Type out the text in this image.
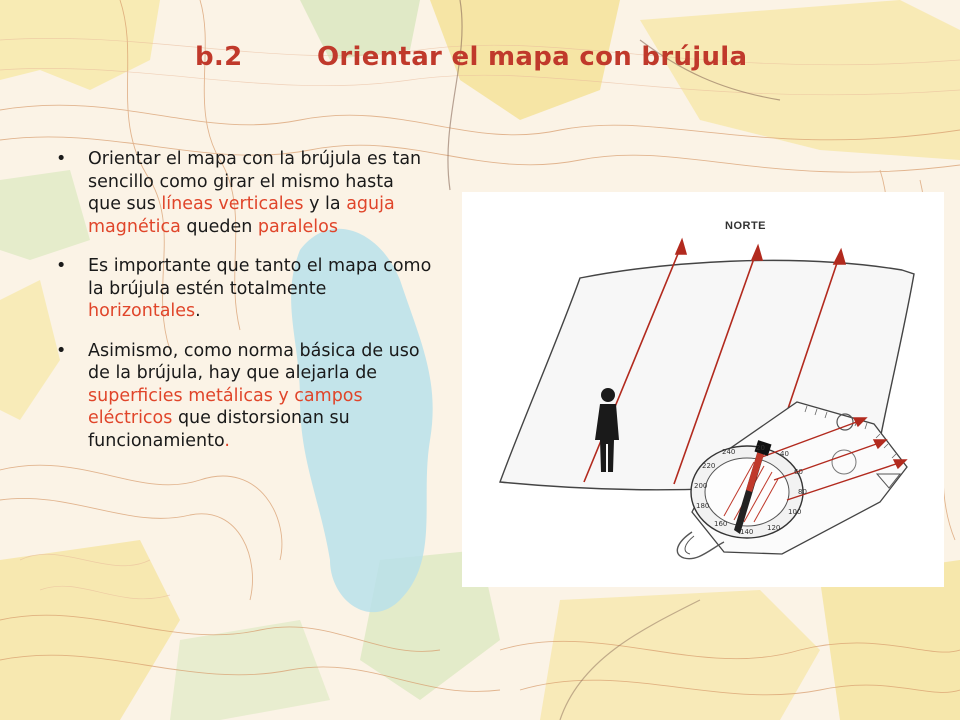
b.2	Orientar el mapa con brújula
• Orientar el mapa con la brújula es tan sencillo como girar el mismo hasta que sus líneas verticales y la aguja magnética queden paralelos
• Es importante que tanto el mapa como la brújula estén totalmente horizontales.
• Asimismo, como norma básica de uso de la brújula, hay que alejarla de superficies metálicas y campos eléctricos que distorsionan su funcionamiento.	20
40
60
80
100
120
140
160
180
200
220
240
NORTE
